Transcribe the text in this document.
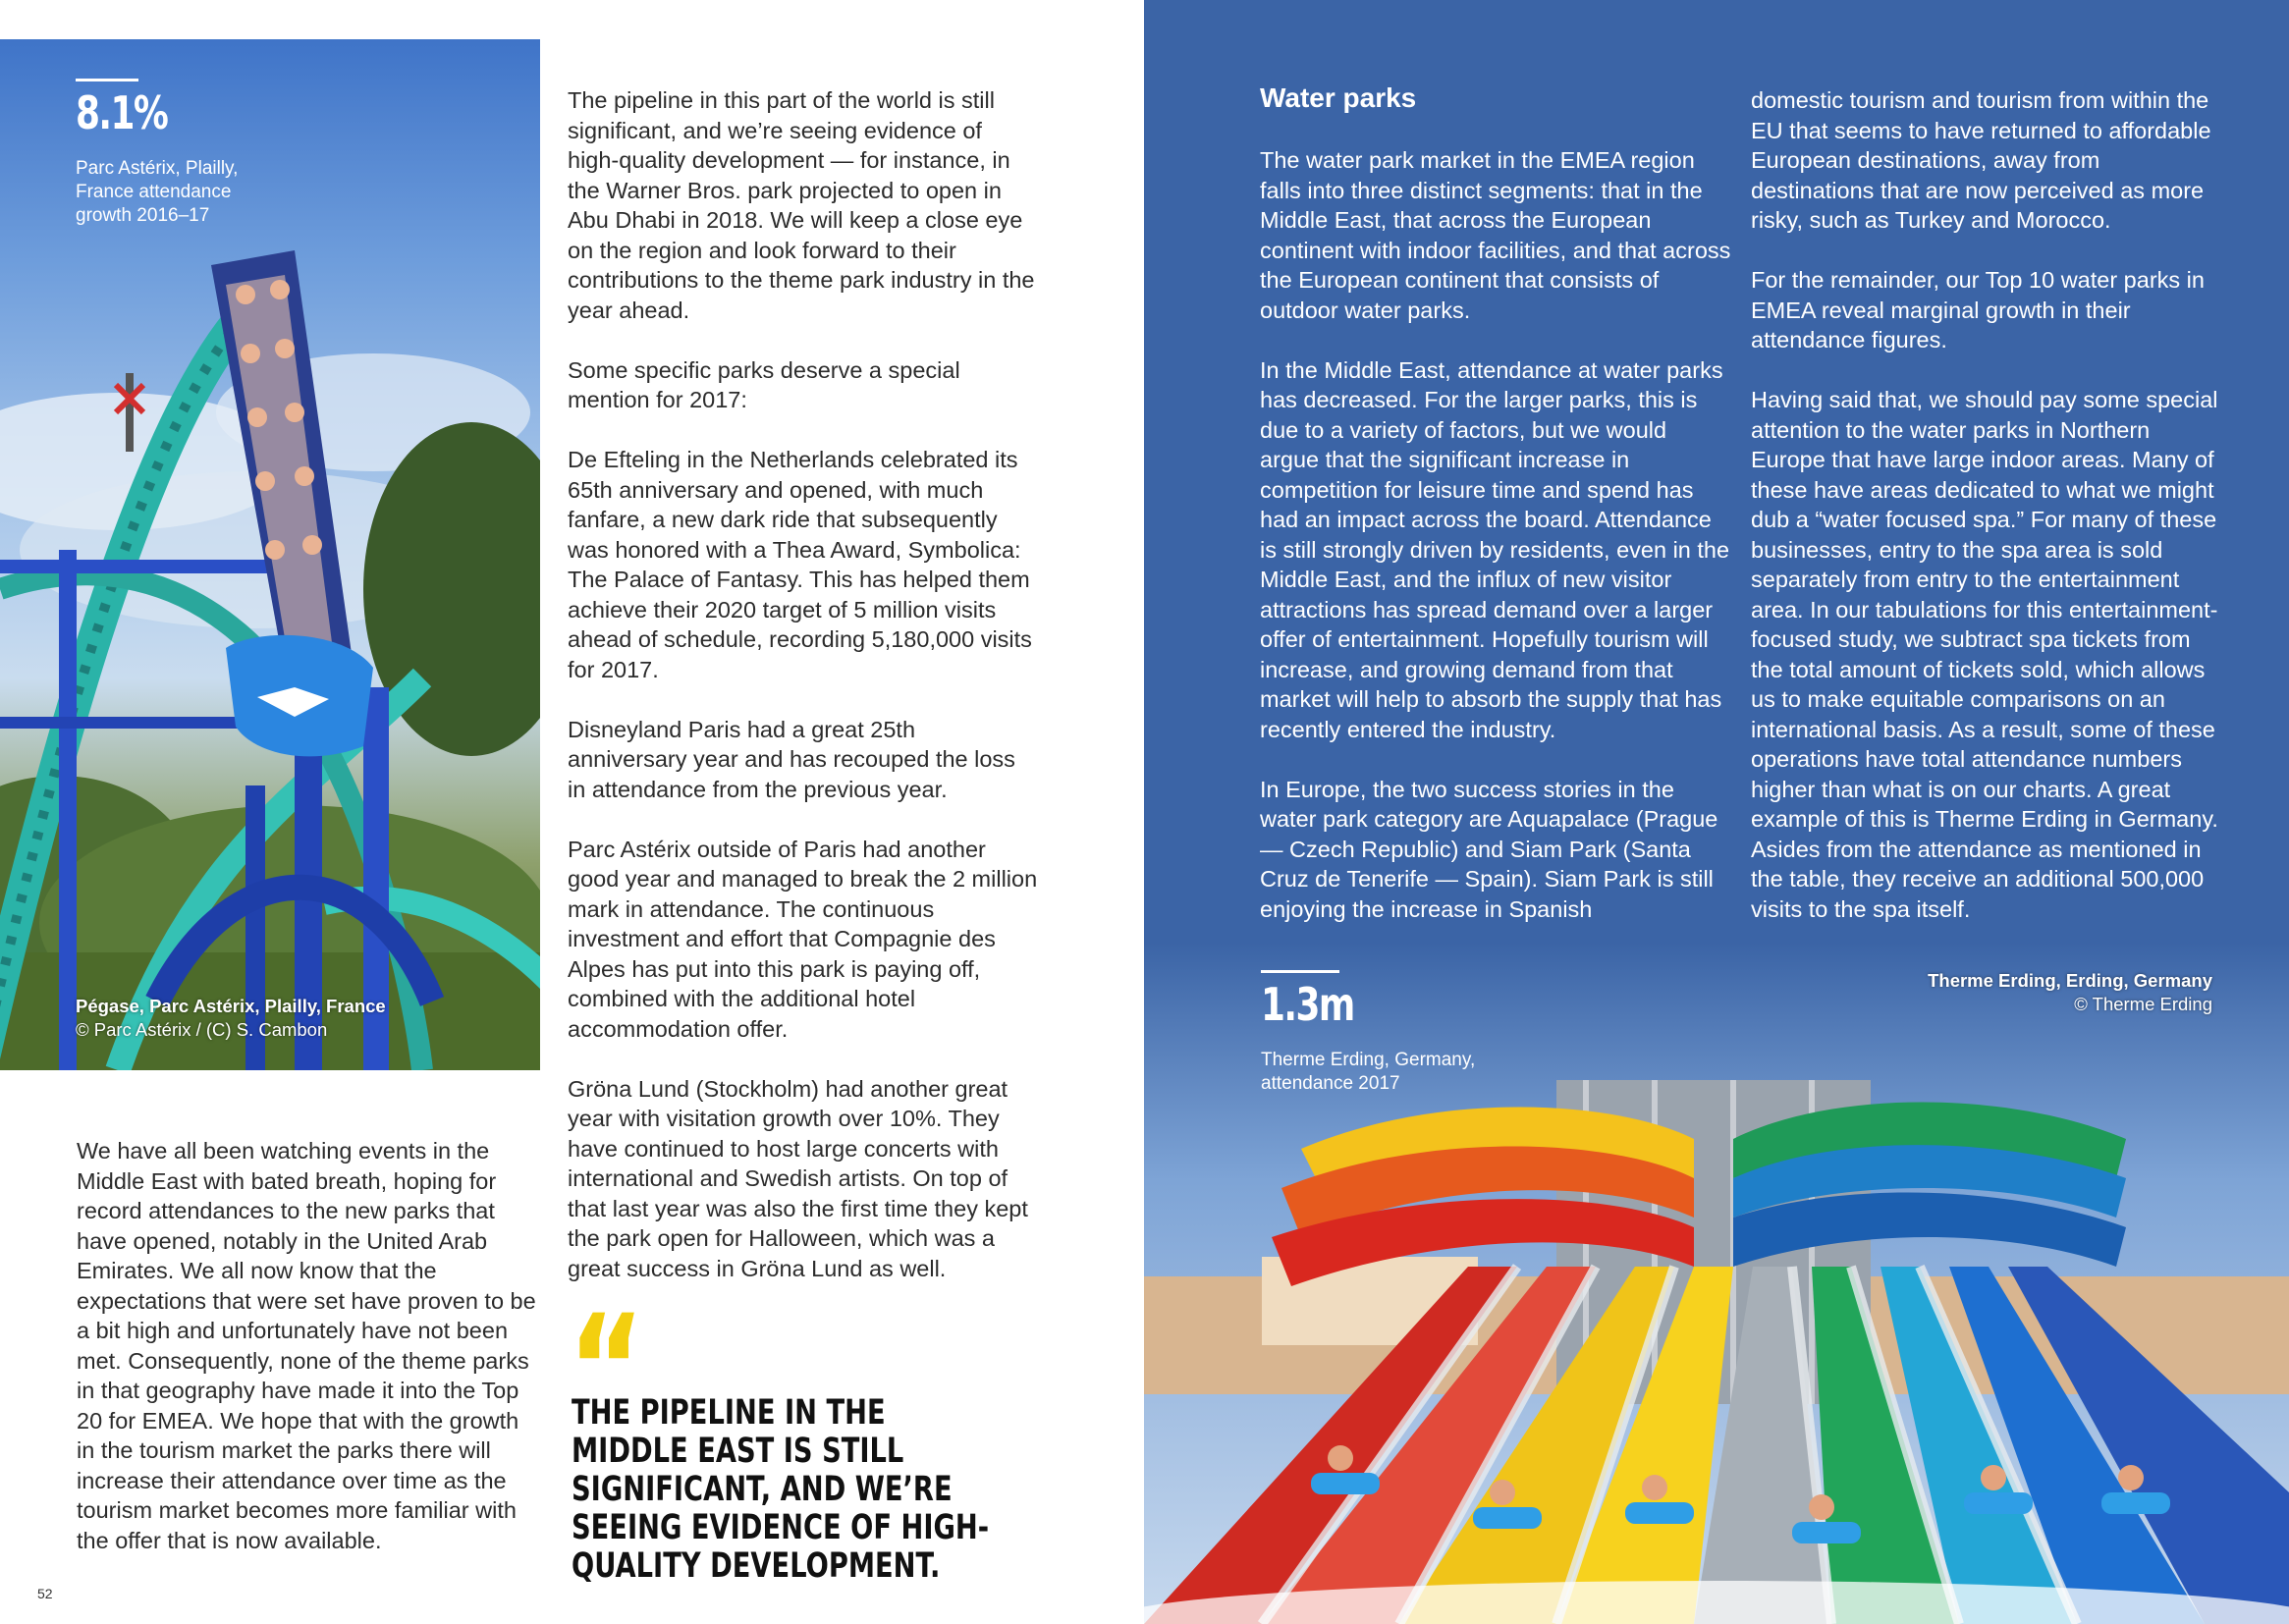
8.1%
Parc Astérix, Plailly,
France attendance
growth 2016–17
Pégase, Parc Astérix, Plailly, France
© Parc Astérix / (C) S. Cambon

We have all been watching events in the Middle East with bated breath, hoping for record attendances to the new parks that have opened, notably in the United Arab Emirates. We all now know that the expectations that were set have proven to be a bit high and unfortunately have not been met. Consequently, none of the theme parks in that geography have made it into the Top 20 for EMEA. We hope that with the growth in the tourism market the parks there will increase their attendance over time as the tourism market becomes more familiar with the offer that is now available.

The pipeline in this part of the world is still significant, and we’re seeing evidence of high-quality development — for instance, in the Warner Bros. park projected to open in Abu Dhabi in 2018. We will keep a close eye on the region and look forward to their contributions to the theme park industry in the year ahead.

Some specific parks deserve a special mention for 2017:

De Efteling in the Netherlands celebrated its 65th anniversary and opened, with much fanfare, a new dark ride that subsequently was honored with a Thea Award, Symbolica: The Palace of Fantasy. This has helped them achieve their 2020 target of 5 million visits ahead of schedule, recording 5,180,000 visits for 2017.

Disneyland Paris had a great 25th anniversary year and has recouped the loss in attendance from the previous year.

Parc Astérix outside of Paris had another good year and managed to break the 2 million mark in attendance. The continuous investment and effort that Compagnie des Alpes has put into this park is paying off, combined with the additional hotel accommodation offer.

Gröna Lund (Stockholm) had another great year with visitation growth over 10%. They have continued to host large concerts with international and Swedish artists. On top of that last year was also the first time they kept the park open for Halloween, which was a great success in Gröna Lund as well.

“
THE PIPELINE IN THE MIDDLE EAST IS STILL SIGNIFICANT, AND WE’RE SEEING EVIDENCE OF HIGH-QUALITY DEVELOPMENT.
52
Water parks

The water park market in the EMEA region falls into three distinct segments: that in the Middle East, that across the European continent with indoor facilities, and that across the European continent that consists of outdoor water parks.

In the Middle East, attendance at water parks has decreased. For the larger parks, this is due to a variety of factors, but we would argue that the significant increase in competition for leisure time and spend has had an impact across the board. Attendance is still strongly driven by residents, even in the Middle East, and the influx of new visitor attractions has spread demand over a larger offer of entertainment. Hopefully tourism will increase, and growing demand from that market will help to absorb the supply that has recently entered the industry.

In Europe, the two success stories in the water park category are Aquapalace (Prague — Czech Republic) and Siam Park (Santa Cruz de Tenerife — Spain). Siam Park is still enjoying the increase in Spanish

domestic tourism and tourism from within the EU that seems to have returned to affordable European destinations, away from destinations that are now perceived as more risky, such as Turkey and Morocco.

For the remainder, our Top 10 water parks in EMEA reveal marginal growth in their attendance figures.

Having said that, we should pay some special attention to the water parks in Northern Europe that have large indoor areas. Many of these have areas dedicated to what we might dub a “water focused spa.” For many of these businesses, entry to the spa area is sold separately from entry to the entertainment area. In our tabulations for this entertainment-focused study, we subtract spa tickets from the total amount of tickets sold, which allows us to make equitable comparisons on an international basis. As a result, some of these operations have total attendance numbers higher than what is on our charts. A great example of this is Therme Erding in Germany. Asides from the attendance as mentioned in the table, they receive an additional 500,000 visits to the spa itself.

1.3m
Therme Erding, Germany,
attendance 2017
Therme Erding, Erding, Germany
© Therme Erding
